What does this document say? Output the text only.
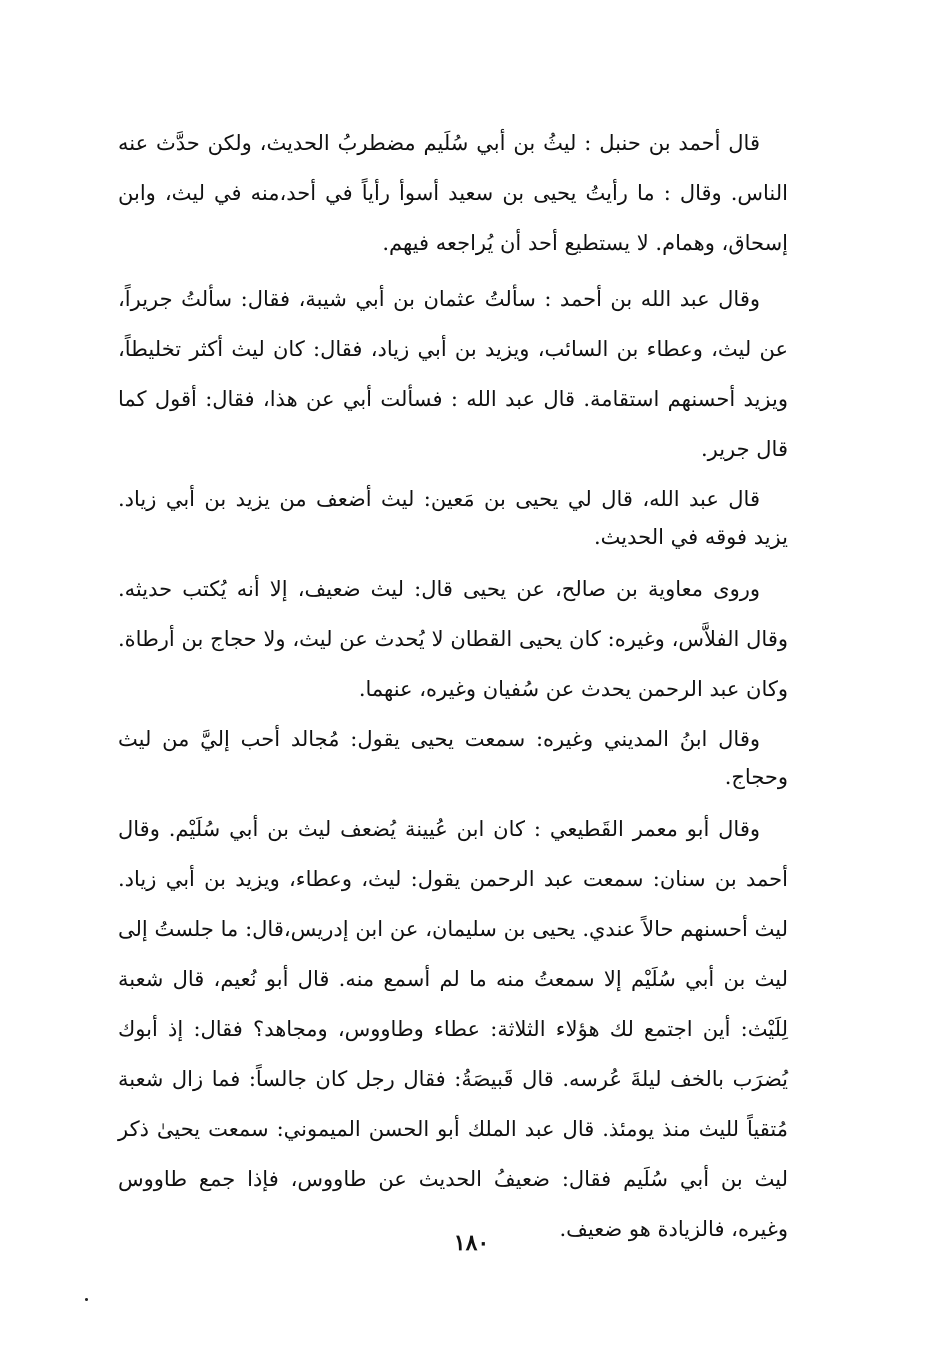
قال أحمد بن حنبل : ليثُ بن أبي سُلَيم مضطربُ الحديث، ولكن حدَّث عنه الناس. وقال : ما رأيتُ يحيى بن سعيد أسوأ رأياً في أحد،منه في ليث، وابن إسحاق، وهمام. لا يستطيع أحد أن يُراجعه فيهم.

وقال عبد الله بن أحمد : سألتُ عثمان بن أبي شيبة، فقال: سألتُ جريراً، عن ليث، وعطاء بن السائب، ويزيد بن أبي زياد، فقال: كان ليث أكثر تخليطاً، ويزيد أحسنهم استقامة. قال عبد الله : فسألت أبي عن هذا، فقال: أقول كما قال جرير.

قال عبد الله، قال لي يحيى بن مَعين: ليث أضعف من يزيد بن أبي زياد. يزيد فوقه في الحديث.

وروى معاوية بن صالح، عن يحيى قال: ليث ضعيف، إلا أنه يُكتب حديثه. وقال الفلاَّس، وغيره: كان يحيى القطان لا يُحدث عن ليث، ولا حجاج بن أرطاة. وكان عبد الرحمن يحدث عن سُفيان وغيره، عنهما.

وقال ابنُ المديني وغيره: سمعت يحيى يقول: مُجالد أحب إليَّ من ليث وحجاج.

وقال أبو معمر القَطيعي : كان ابن عُيينة يُضعف ليث بن أبي سُلَيْم. وقال أحمد بن سنان: سمعت عبد الرحمن يقول: ليث، وعطاء، ويزيد بن أبي زياد. ليث أحسنهم حالاً عندي. يحيى بن سليمان، عن ابن إدريس،قال: ما جلستُ إلى ليث بن أبي سُلَيْم إلا سمعتُ منه ما لم أسمع منه. قال أبو نُعيم، قال شعبة لِلَيْث: أين اجتمع لك هؤلاء الثلاثة: عطاء وطاووس، ومجاهد؟ فقال: إذ أبوك يُضرَب بالخف ليلةَ عُرسه. قال قَبيصَةُ: فقال رجل كان جالساً: فما زال شعبة مُتقياً لليث منذ يومئذ. قال عبد الملك أبو الحسن الميموني: سمعت يحيىٰ ذكر ليث بن أبي سُلَيم فقال: ضعيفُ الحديث عن طاووس، فإذا جمع طاووس وغيره، فالزيادة هو ضعيف.

١٨٠
